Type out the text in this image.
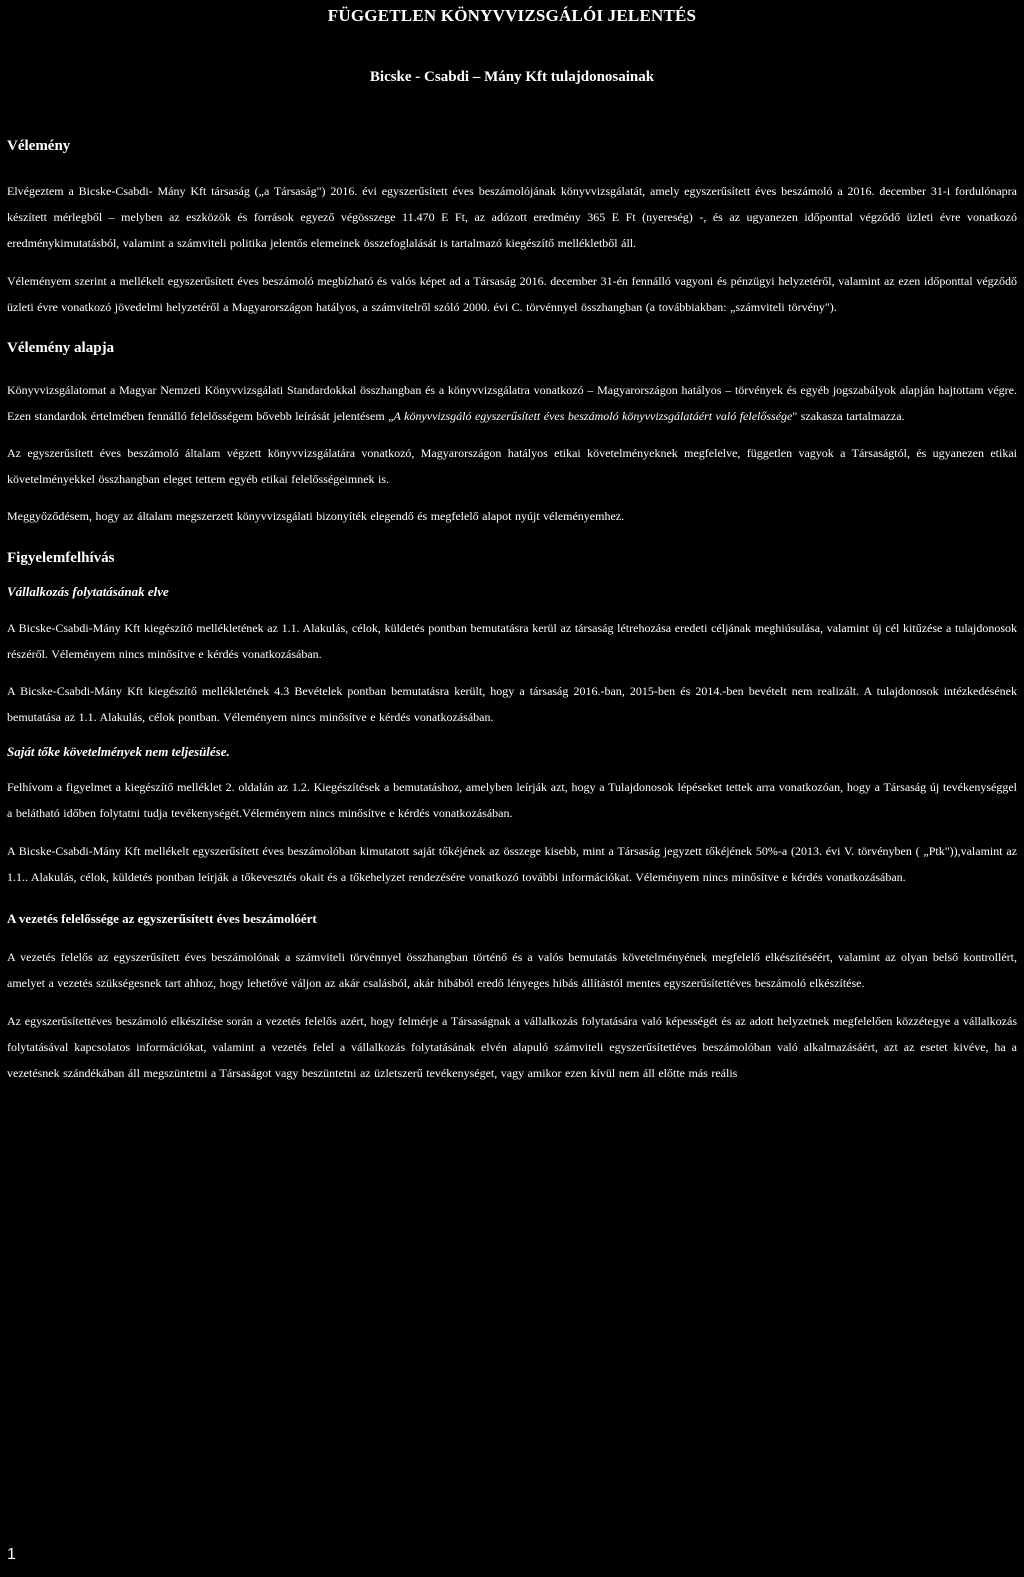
FÜGGETLEN KÖNYVVIZSGÁLÓI JELENTÉS
Bicske - Csabdi – Mány Kft tulajdonosainak
Vélemény

Elvégeztem a Bicske-Csabdi- Mány Kft társaság („a Társaság") 2016. évi egyszerűsített éves beszámolójának könyvvizsgálatát, amely egyszerűsített éves beszámoló a 2016. december 31-i fordulónapra készített mérlegből – melyben az eszközök és források egyező végösszege 11.470 E Ft, az adózott eredmény 365 E Ft (nyereség) -, és az ugyanezen időponttal végződő üzleti évre vonatkozó eredménykimutatásból, valamint a számviteli politika jelentős elemeinek összefoglalását is tartalmazó kiegészítő mellékletből áll.

Véleményem szerint a mellékelt egyszerűsített éves beszámoló megbízható és valós képet ad a Társaság 2016. december 31-én fennálló vagyoni és pénzügyi helyzetéről, valamint az ezen időponttal végződő üzleti évre vonatkozó jövedelmi helyzetéről a Magyarországon hatályos, a számvitelről szóló 2000. évi C. törvénnyel összhangban (a továbbiakban: „számviteli törvény").

Vélemény alapja

Könyvvizsgálatomat a Magyar Nemzeti Könyvvizsgálati Standardokkal összhangban és a könyvvizsgálatra vonatkozó – Magyarországon hatályos – törvények és egyéb jogszabályok alapján hajtottam végre. Ezen standardok értelmében fennálló felelősségem bővebb leírását jelentésem „A könyvvizsgáló egyszerűsített éves beszámoló könyvvizsgálatáért való felelőssége" szakasza tartalmazza.

Az egyszerűsített éves beszámoló általam végzett könyvvizsgálatára vonatkozó, Magyarországon hatályos etikai követelményeknek megfelelve, független vagyok a Társaságtól, és ugyanezen etikai követelményekkel összhangban eleget tettem egyéb etikai felelősségeimnek is.

Meggyőződésem, hogy az általam megszerzett könyvvizsgálati bizonyíték elegendő és megfelelő alapot nyújt véleményemhez.

Figyelemfelhívás
Vállalkozás folytatásának elve

A Bicske-Csabdi-Mány Kft kiegészítő mellékletének az 1.1. Alakulás, célok, küldetés pontban bemutatásra kerül az társaság létrehozása eredeti céljának meghiúsulása, valamint új cél kitűzése a tulajdonosok részéről. Véleményem nincs minősítve e kérdés vonatkozásában.

A Bicske-Csabdi-Mány Kft kiegészítő mellékletének 4.3 Bevételek pontban bemutatásra került, hogy a társaság 2016.-ban, 2015-ben és 2014.-ben bevételt nem realizált. A tulajdonosok intézkedésének bemutatása az 1.1. Alakulás, célok pontban. Véleményem nincs minősítve e kérdés vonatkozásában.

Saját tőke követelmények nem teljesülése.

Felhívom a figyelmet a kiegészítő melléklet 2. oldalán az 1.2. Kiegészítések a bemutatáshoz, amelyben leírják azt, hogy a Tulajdonosok lépéseket tettek arra vonatkozóan, hogy a Társaság új tevékenységgel a belátható időben folytatni tudja tevékenységét.Véleményem nincs minősítve e kérdés vonatkozásában.

A Bicske-Csabdi-Mány Kft mellékelt egyszerűsített éves beszámolóban kimutatott saját tőkéjének az összege kisebb, mint a Társaság jegyzett tőkéjének 50%-a (2013. évi V. törvényben ( „Ptk")),valamint az 1.1.. Alakulás, célok, küldetés pontban leírják a tőkevesztés okait és a tőkehelyzet rendezésére vonatkozó további információkat. Véleményem nincs minősítve e kérdés vonatkozásában.

A vezetés felelőssége az egyszerűsített éves beszámolóért

A vezetés felelős az egyszerűsített éves beszámolónak a számviteli törvénnyel összhangban történő és a valós bemutatás követelményének megfelelő elkészítéséért, valamint az olyan belső kontrollért, amelyet a vezetés szükségesnek tart ahhoz, hogy lehetővé váljon az akár csalásból, akár hibából eredő lényeges hibás állítástól mentes egyszerűsítettéves beszámoló elkészítése.

Az egyszerűsítettéves beszámoló elkészítése során a vezetés felelős azért, hogy felmérje a Társaságnak a vállalkozás folytatására való képességét és az adott helyzetnek megfelelően közzétegye a vállalkozás folytatásával kapcsolatos információkat, valamint a vezetés felel a vállalkozás folytatásának elvén alapuló számviteli egyszerűsítettéves beszámolóban való alkalmazásáért, azt az esetet kivéve, ha a vezetésnek szándékában áll megszüntetni a Társaságot vagy beszüntetni az üzletszerű tevékenységet, vagy amikor ezen kívül nem áll előtte más reális

1
